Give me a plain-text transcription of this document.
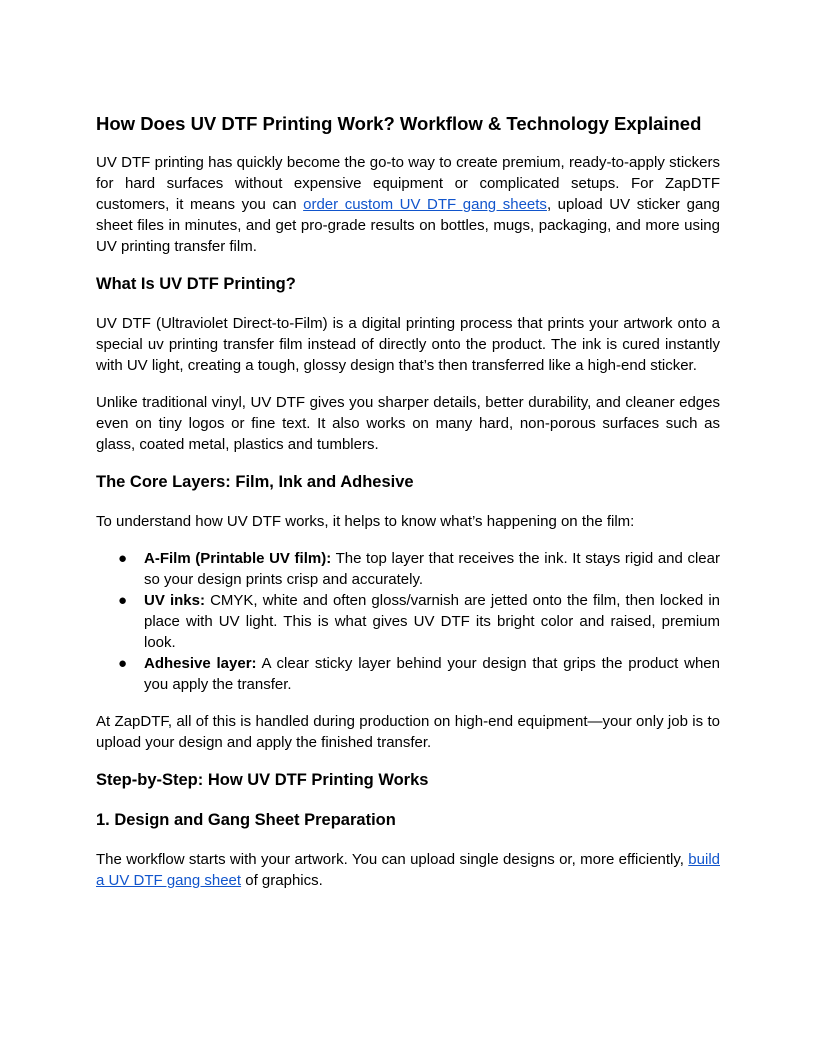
How Does UV DTF Printing Work? Workflow & Technology Explained

UV DTF printing has quickly become the go-to way to create premium, ready-to-apply stickers for hard surfaces without expensive equipment or complicated setups. For ZapDTF customers, it means you can order custom UV DTF gang sheets, upload UV sticker gang sheet files in minutes, and get pro-grade results on bottles, mugs, packaging, and more using UV printing transfer film.

What Is UV DTF Printing?

UV DTF (Ultraviolet Direct‑to‑Film) is a digital printing process that prints your artwork onto a special uv printing transfer film instead of directly onto the product. The ink is cured instantly with UV light, creating a tough, glossy design that’s then transferred like a high‑end sticker.

Unlike traditional vinyl, UV DTF gives you sharper details, better durability, and cleaner edges even on tiny logos or fine text. It also works on many hard, non‑porous surfaces such as glass, coated metal, plastics and tumblers.

The Core Layers: Film, Ink and Adhesive

To understand how UV DTF works, it helps to know what’s happening on the film:

● A‑Film (Printable UV film): The top layer that receives the ink. It stays rigid and clear so your design prints crisp and accurately.
● UV inks: CMYK, white and often gloss/varnish are jetted onto the film, then locked in place with UV light. This is what gives UV DTF its bright color and raised, premium look.
● Adhesive layer: A clear sticky layer behind your design that grips the product when you apply the transfer.

At ZapDTF, all of this is handled during production on high‑end equipment—your only job is to upload your design and apply the finished transfer.

Step‑by‑Step: How UV DTF Printing Works
1. Design and Gang Sheet Preparation

The workflow starts with your artwork. You can upload single designs or, more efficiently, build a UV DTF gang sheet of graphics.
